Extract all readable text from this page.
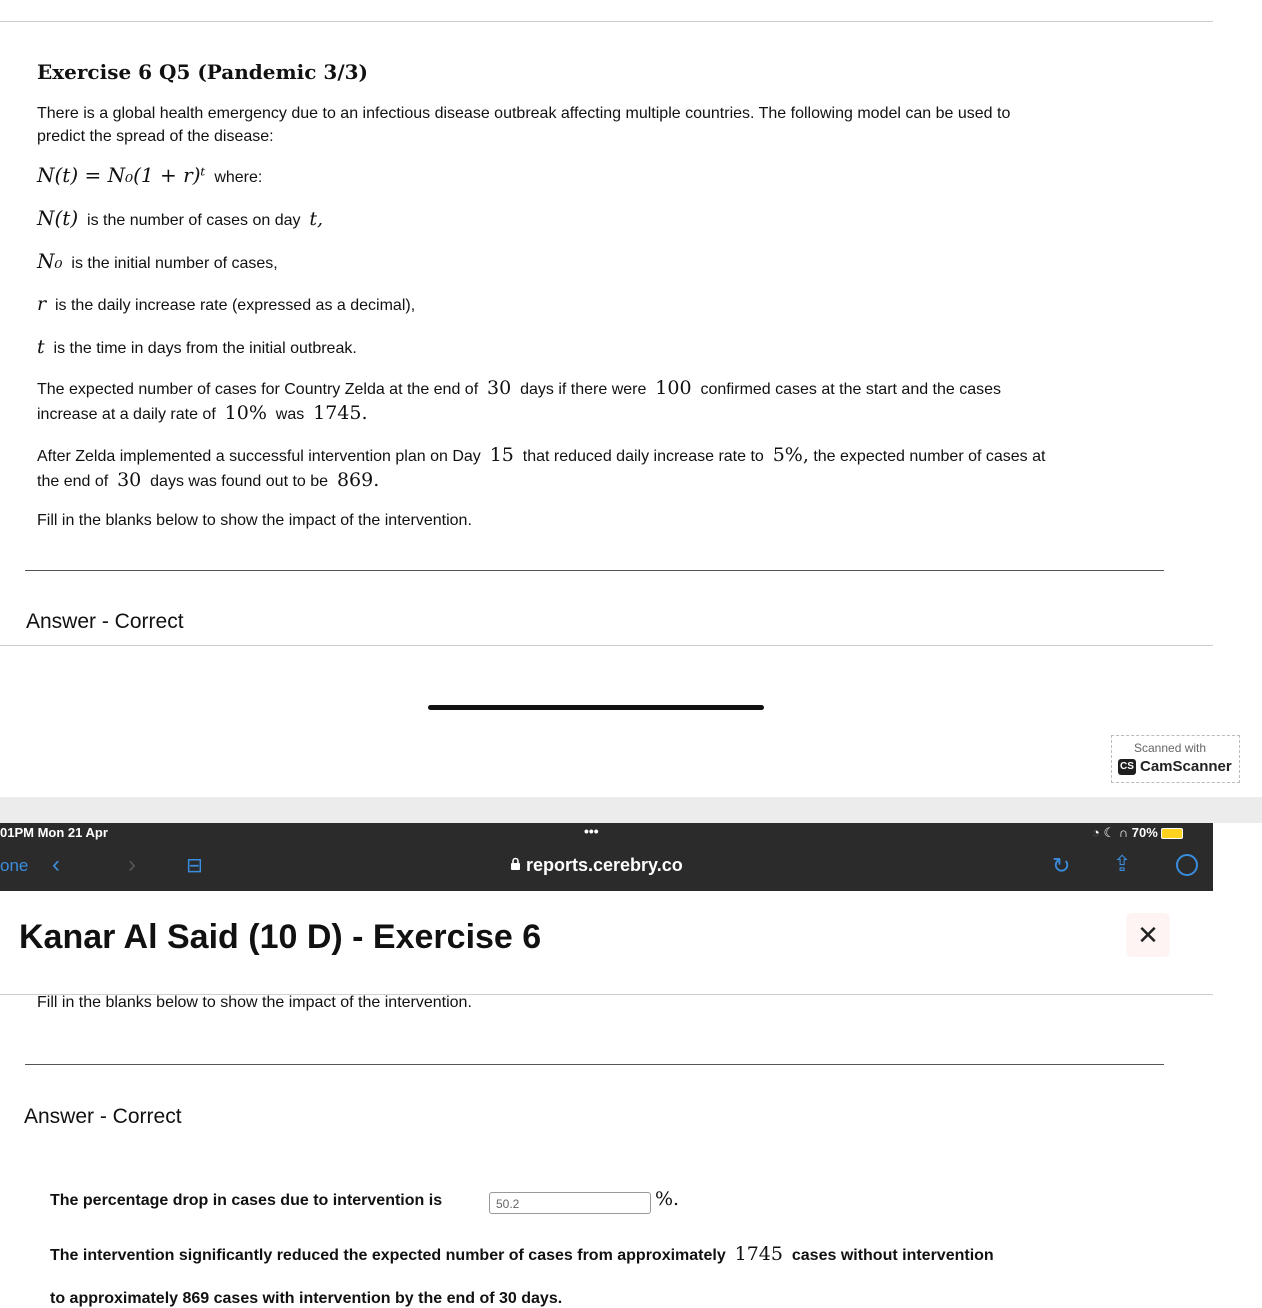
Exercise 6 Q5 (Pandemic 3/3)
There is a global health emergency due to an infectious disease outbreak affecting multiple countries. The following model can be used to
predict the spread of the disease:
N(t) = N₀(1 + r)ᵗ where:
N(t) is the number of cases on day t,
N₀ is the initial number of cases,
r is the daily increase rate (expressed as a decimal),
t is the time in days from the initial outbreak.
The expected number of cases for Country Zelda at the end of 30 days if there were 100 confirmed cases at the start and the cases
increase at a daily rate of 10% was 1745.
After Zelda implemented a successful intervention plan on Day 15 that reduced daily increase rate to 5%, the expected number of cases at
the end of 30 days was found out to be 869.
Fill in the blanks below to show the impact of the intervention.
Answer - Correct
Scanned with
CS CamScanner
01PM Mon 21 Apr	•••	◔ ☾ ∩ 70%
one ‹	›	⊟	reports.cerebry.co	↻ ⇪
Kanar Al Said (10 D) - Exercise 6	✕
Fill in the blanks below to show the impact of the intervention.
Answer - Correct
The percentage drop in cases due to intervention is	50.2	%.
The intervention significantly reduced the expected number of cases from approximately 1745 cases without intervention
to approximately 869 cases with intervention by the end of 30 days.
